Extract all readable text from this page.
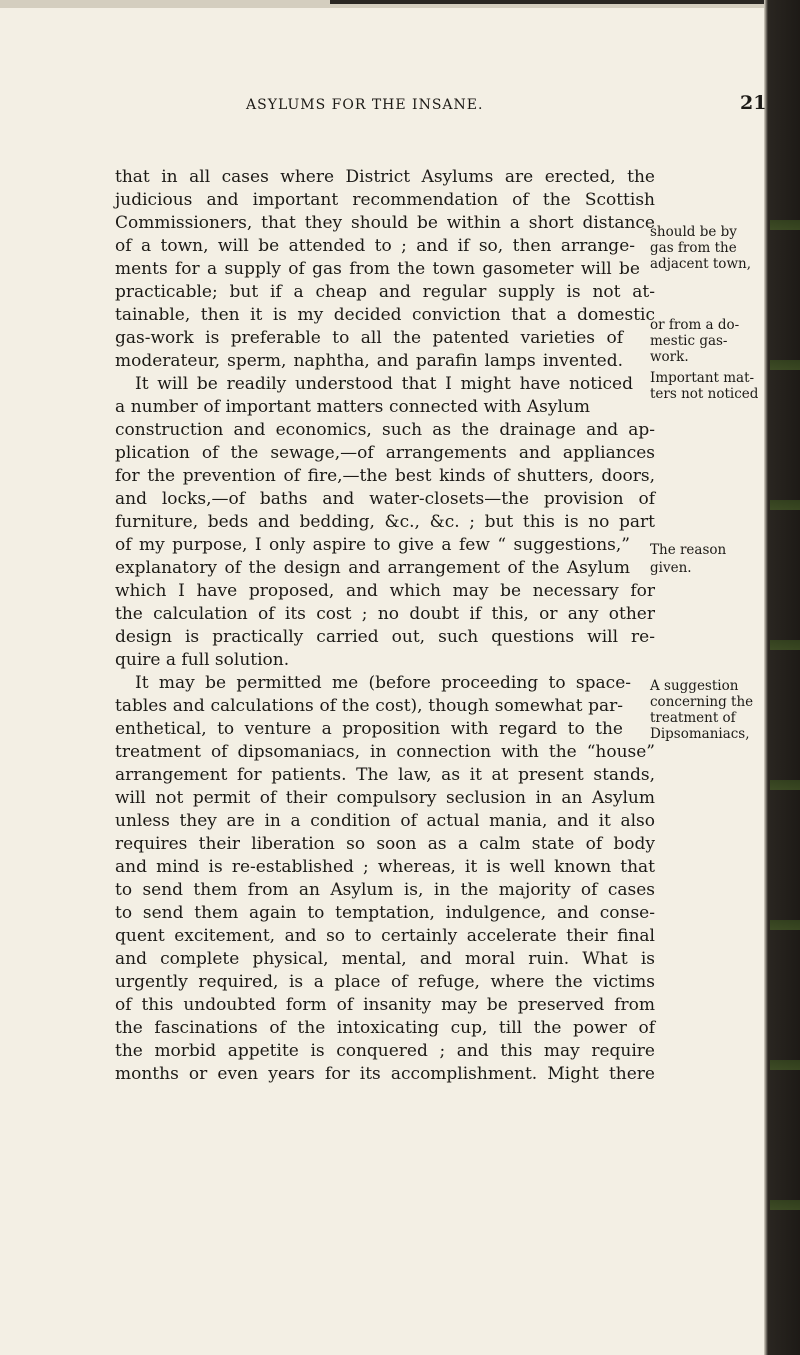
ASYLUMS FOR THE INSANE.	21
that in all cases where District Asylums are erected, the
judicious and important recommendation of the Scottish
Commissioners, that they should be within a short distance
of a town, will be attended to ; and if so, then arrange-
ments for a supply of gas from the town gasometer will be
practicable; but if a cheap and regular supply is not at-
tainable, then it is my decided conviction that a domestic
gas-work is preferable to all the patented varieties of
moderateur, sperm, naphtha, and parafin lamps invented.
It will be readily understood that I might have noticed
a number of important matters connected with Asylum
construction and economics, such as the drainage and ap-
plication of the sewage,—of arrangements and appliances
for the prevention of fire,—the best kinds of shutters, doors,
and locks,—of baths and water-closets—the provision of
furniture, beds and bedding, &c., &c. ; but this is no part
of my purpose, I only aspire to give a few “ suggestions,”
explanatory of the design and arrangement of the Asylum
which I have proposed, and which may be necessary for
the calculation of its cost ; no doubt if this, or any other
design is practically carried out, such questions will re-
quire a full solution.
It may be permitted me (before proceeding to space-
tables and calculations of the cost), though somewhat par-
enthetical, to venture a proposition with regard to the
treatment of dipsomaniacs, in connection with the “house”
arrangement for patients. The law, as it at present stands,
will not permit of their compulsory seclusion in an Asylum
unless they are in a condition of actual mania, and it also
requires their liberation so soon as a calm state of body
and mind is re-established ; whereas, it is well known that
to send them from an Asylum is, in the majority of cases
to send them again to temptation, indulgence, and conse-
quent excitement, and so to certainly accelerate their final
and complete physical, mental, and moral ruin. What is
urgently required, is a place of refuge, where the victims
of this undoubted form of insanity may be preserved from
the fascinations of the intoxicating cup, till the power of
the morbid appetite is conquered ; and this may require
months or even years for its accomplishment. Might there
should be by
gas from the
adjacent town,
or from a do-
mestic gas-
work.
Important mat-
ters not noticed
The reason
given.
A suggestion
concerning the
treatment of
Dipsomaniacs,
